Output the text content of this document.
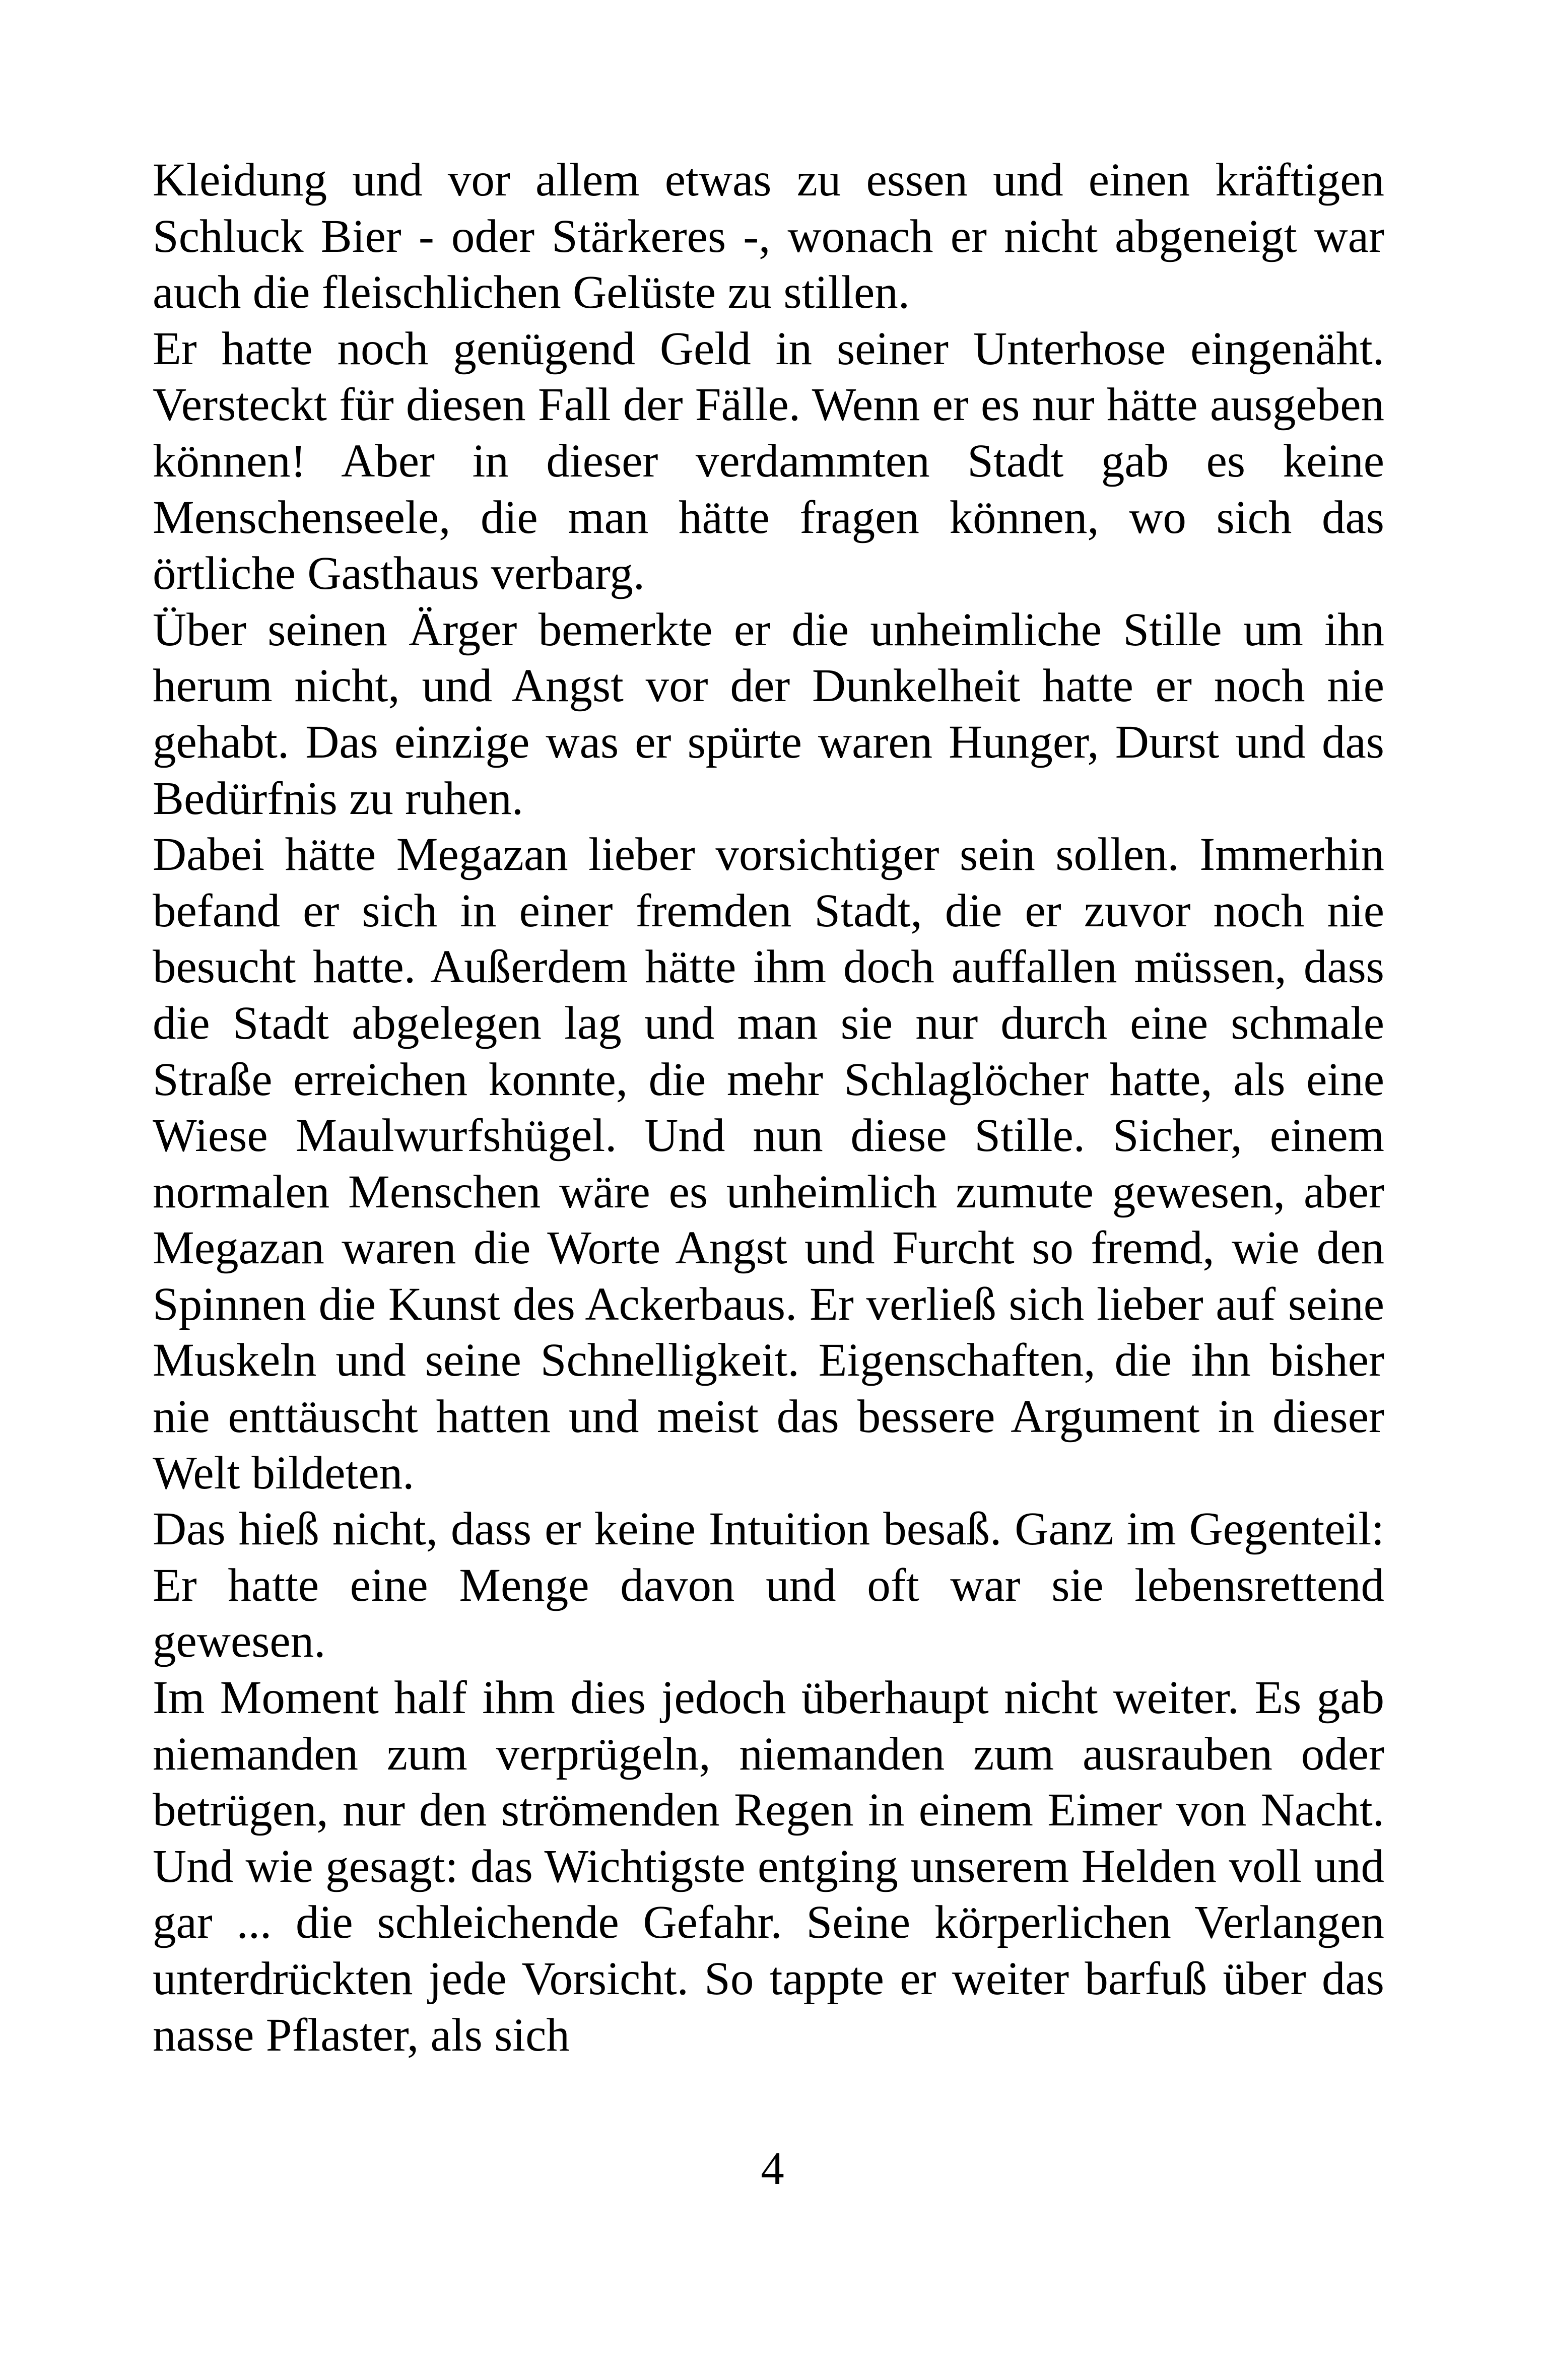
Kleidung und vor allem etwas zu essen und einen kräftigen Schluck Bier - oder Stärkeres -, wonach er nicht abgeneigt war auch die fleischlichen Gelüste zu stillen.

Er hatte noch genügend Geld in seiner Unterhose eingenäht. Versteckt für diesen Fall der Fälle. Wenn er es nur hätte ausgeben können! Aber in dieser verdammten Stadt gab es keine Menschenseele, die man hätte fragen können, wo sich das örtliche Gasthaus verbarg.

Über seinen Ärger bemerkte er die unheimliche Stille um ihn herum nicht, und Angst vor der Dunkelheit hatte er noch nie gehabt. Das einzige was er spürte waren Hunger, Durst und das Bedürfnis zu ruhen.

Dabei hätte Megazan lieber vorsichtiger sein sollen. Immerhin befand er sich in einer fremden Stadt, die er zuvor noch nie besucht hatte. Außerdem hätte ihm doch auffallen müssen, dass die Stadt abgelegen lag und man sie nur durch eine schmale Straße erreichen konnte, die mehr Schlaglöcher hatte, als eine Wiese Maulwurfshügel. Und nun diese Stille. Sicher, einem normalen Menschen wäre es unheimlich zumute gewesen, aber Megazan waren die Worte Angst und Furcht so fremd, wie den Spinnen die Kunst des Ackerbaus. Er verließ sich lieber auf seine Muskeln und seine Schnelligkeit. Eigenschaften, die ihn bisher nie enttäuscht hatten und meist das bessere Argument in dieser Welt bildeten.

Das hieß nicht, dass er keine Intuition besaß. Ganz im Gegenteil: Er hatte eine Menge davon und oft war sie lebensrettend gewesen.

Im Moment half ihm dies jedoch überhaupt nicht weiter. Es gab niemanden zum verprügeln, niemanden zum ausrauben oder betrügen, nur den strömenden Regen in einem Eimer von Nacht. Und wie gesagt: das Wichtigste entging unserem Helden voll und gar ... die schleichende Gefahr. Seine körperlichen Verlangen unterdrückten jede Vorsicht. So tappte er weiter barfuß über das nasse Pflaster, als sich

4
